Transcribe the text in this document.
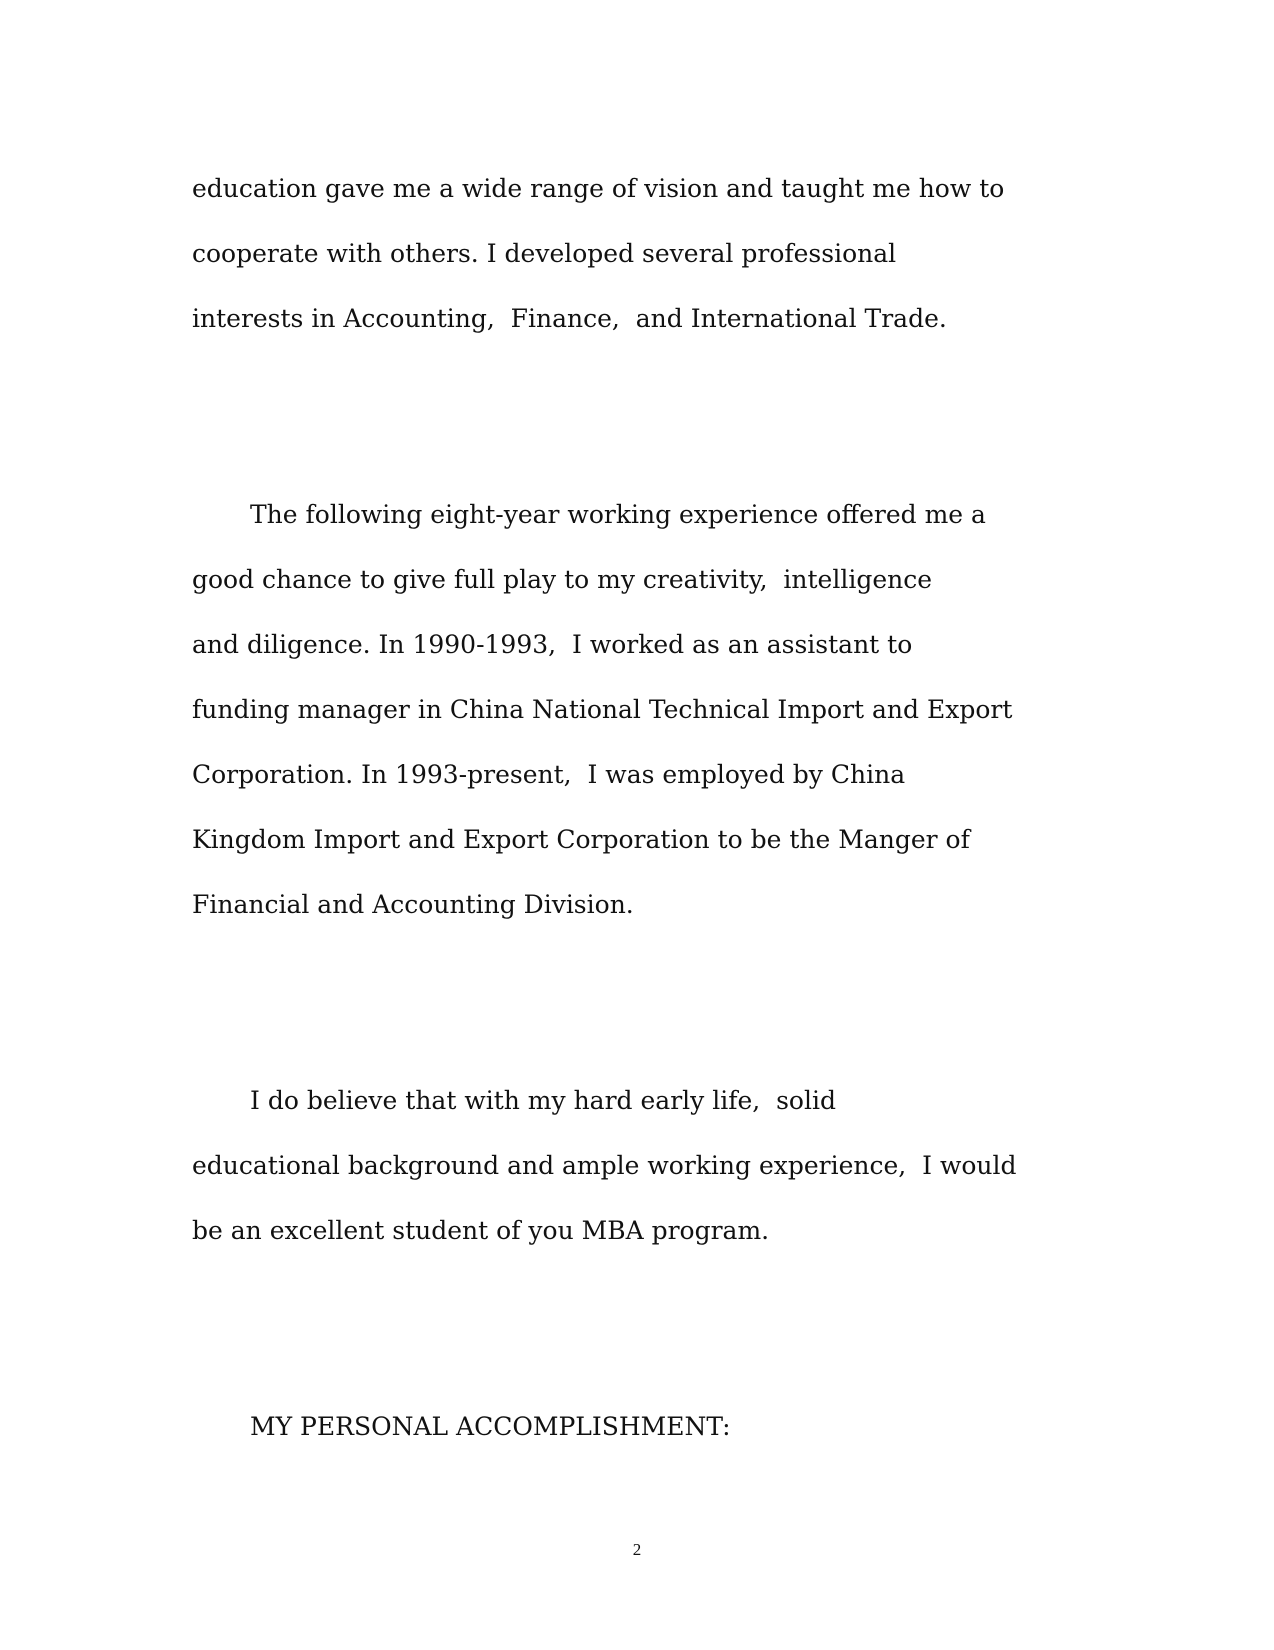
education gave me a wide range of vision and taught me how to
cooperate with others. I developed several professional
interests in Accounting,  Finance,  and International Trade.
The following eight-year working experience offered me a
good chance to give full play to my creativity,  intelligence
and diligence. In 1990-1993,  I worked as an assistant to
funding manager in China National Technical Import and Export
Corporation. In 1993-present,  I was employed by China
Kingdom Import and Export Corporation to be the Manger of
Financial and Accounting Division.
I do believe that with my hard early life,  solid
educational background and ample working experience,  I would
be an excellent student of you MBA program.
MY PERSONAL ACCOMPLISHMENT:
2
